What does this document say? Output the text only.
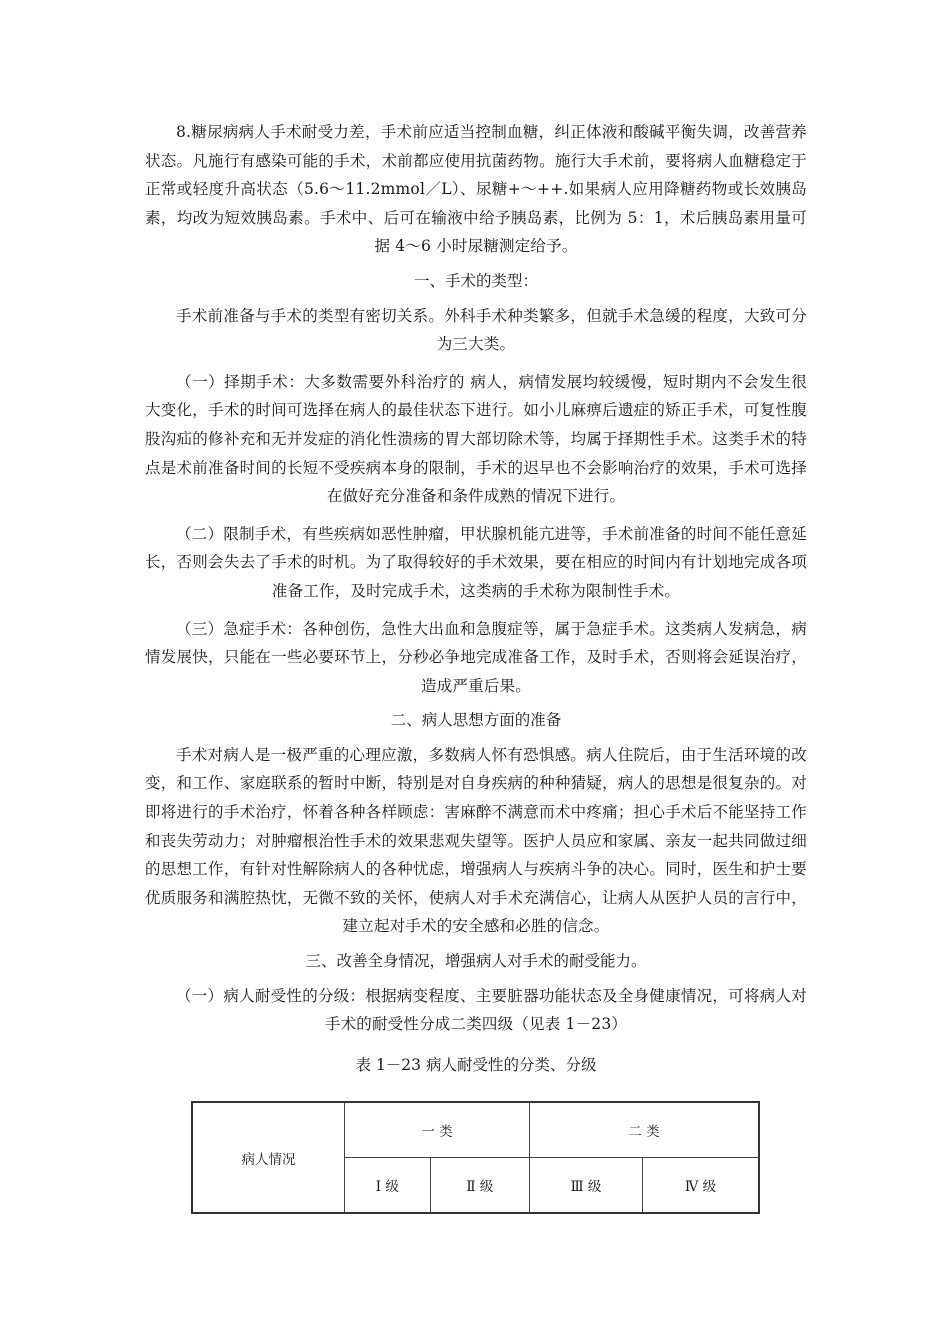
8.糖尿病病人手术耐受力差，手术前应适当控制血糖，纠正体液和酸碱平衡失调，改善营养状态。凡施行有感染可能的手术，术前都应使用抗菌药物。施行大手术前，要将病人血糖稳定于正常或轻度升高状态（5.6～11.2mmol／L）、尿糖+～++.如果病人应用降糖药物或长效胰岛素，均改为短效胰岛素。手术中、后可在输液中给予胰岛素，比例为 5：1，术后胰岛素用量可据 4～6 小时尿糖测定给予。

一、手术的类型：

手术前准备与手术的类型有密切关系。外科手术种类繁多，但就手术急缓的程度，大致可分为三大类。

（一）择期手术：大多数需要外科治疗的 病人，病情发展均较缓慢，短时期内不会发生很大变化，手术的时间可选择在病人的最佳状态下进行。如小儿麻痹后遗症的矫正手术，可复性腹股沟疝的修补充和无并发症的消化性溃疡的胃大部切除术等，均属于择期性手术。这类手术的特点是术前准备时间的长短不受疾病本身的限制，手术的迟早也不会影响治疗的效果，手术可选择在做好充分准备和条件成熟的情况下进行。

（二）限制手术，有些疾病如恶性肿瘤，甲状腺机能亢进等，手术前准备的时间不能任意延长，否则会失去了手术的时机。为了取得较好的手术效果，要在相应的时间内有计划地完成各项准备工作，及时完成手术，这类病的手术称为限制性手术。

（三）急症手术：各种创伤，急性大出血和急腹症等，属于急症手术。这类病人发病急，病情发展快，只能在一些必要环节上，分秒必争地完成准备工作，及时手术，否则将会延误治疗，造成严重后果。

二、病人思想方面的准备

手术对病人是一极严重的心理应激，多数病人怀有恐惧感。病人住院后，由于生活环境的改变，和工作、家庭联系的暂时中断，特别是对自身疾病的种种猜疑，病人的思想是很复杂的。对即将进行的手术治疗，怀着各种各样顾虑：害麻醉不满意而术中疼痛；担心手术后不能坚持工作和丧失劳动力；对肿瘤根治性手术的效果悲观失望等。医护人员应和家属、亲友一起共同做过细的思想工作，有针对性解除病人的各种忧虑，增强病人与疾病斗争的决心。同时，医生和护士要优质服务和满腔热忱，无微不致的关怀，使病人对手术充满信心，让病人从医护人员的言行中，建立起对手术的安全感和必胜的信念。

三、改善全身情况，增强病人对手术的耐受能力。

（一）病人耐受性的分级：根据病变程度、主要脏器功能状态及全身健康情况，可将病人对手术的耐受性分成二类四级（见表 1－23）

表 1－23 病人耐受性的分类、分级

病人情况	一 类		二 类	
	Ⅰ 级	Ⅱ 级	Ⅲ 级	Ⅳ 级
